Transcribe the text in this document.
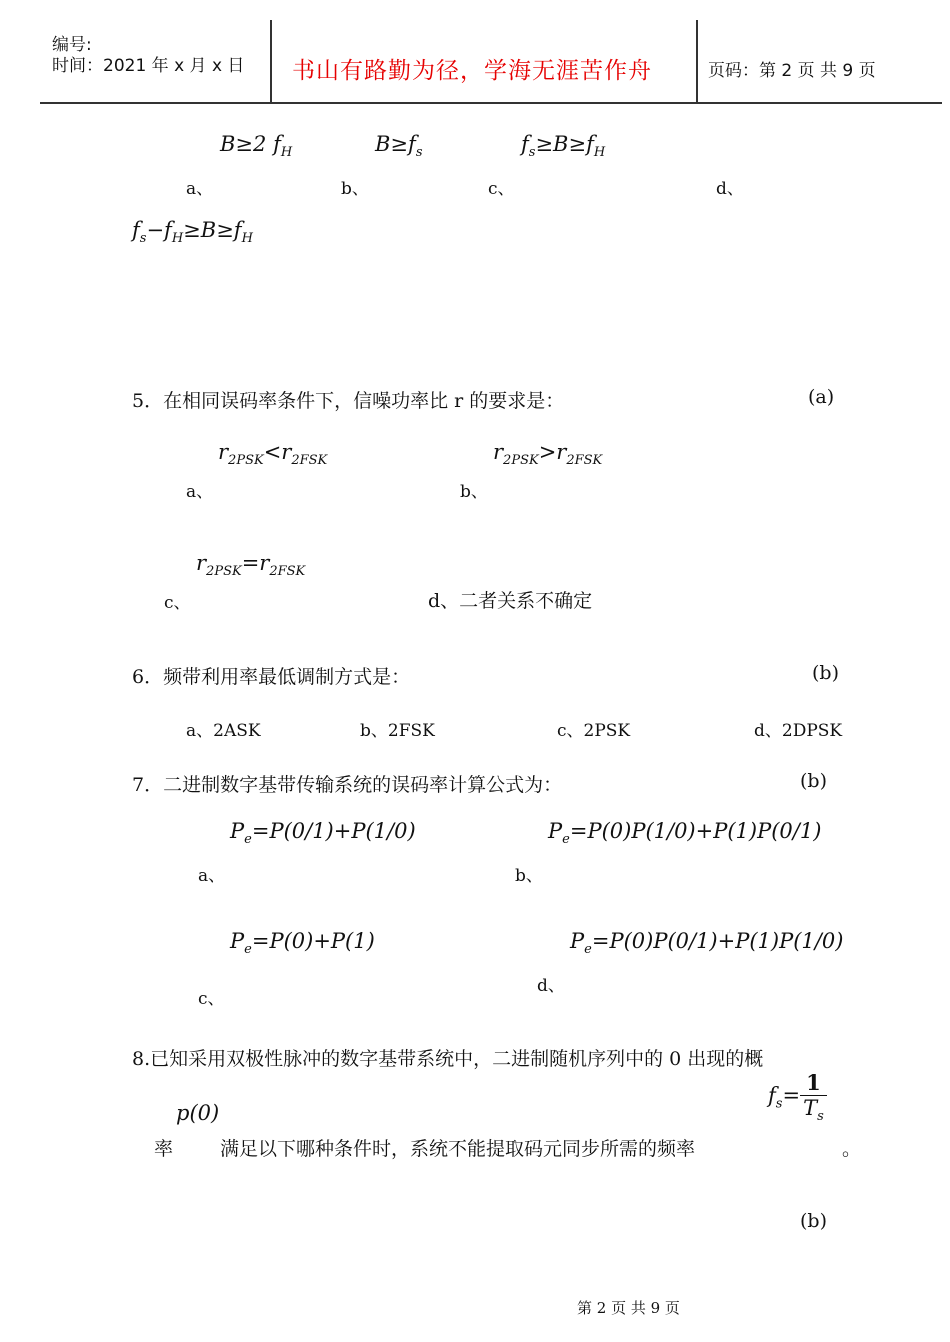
编号:
时间：2021 年 x 月 x 日 书山有路勤为径，学海无涯苦作舟	页码：第 2 页 共 9 页
B≥2 $f_H$	$B\ge f_s$	$f_s\ge B\ge f_H$
a、	b、	c、	d、
$f_s-f_H\ge B\ge f_H$
5．在相同误码率条件下，信噪功率比 r 的要求是：	(a)
$r_{2PSK}<r_{2FSK}$	$r_{2PSK}>r_{2FSK}$
a、	b、
$r_{2PSK}=r_{2FSK}$
c、	d、二者关系不确定
6．频带利用率最低调制方式是：	(b)
a、2ASK	b、2FSK	c、2PSK	d、2DPSK
7．二进制数字基带传输系统的误码率计算公式为：	(b)
$P_e=P(0/1)+P(1/0)$	$P_e=P(0)P(1/0)+P(1)P(0/1)$
a、	b、
$P_e=P(0)+P(1)$	$P_e=P(0)P(0/1)+P(1)P(1/0)$
d、
c、
8.已知采用双极性脉冲的数字基带系统中，二进制随机序列中的 0 出现的概
$f_s= \frac{1}{T_s}$
p(0)
率 满足以下哪种条件时，系统不能提取码元同步所需的频率	。
(b)
第 2 页 共 9 页
